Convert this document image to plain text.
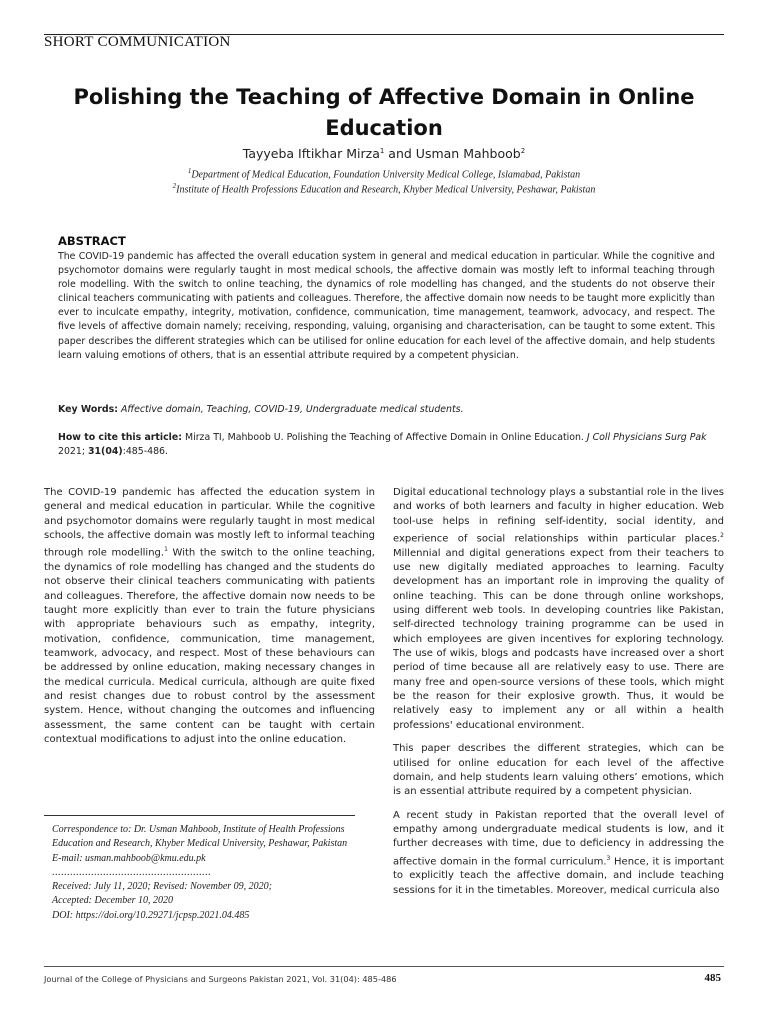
SHORT COMMUNICATION
Polishing the Teaching of Affective Domain in Online Education
Tayyeba Iftikhar Mirza$^1$ and Usman Mahboob$^2$
$^1$Department of Medical Education, Foundation University Medical College, Islamabad, Pakistan
$^2$Institute of Health Professions Education and Research, Khyber Medical University, Peshawar, Pakistan
ABSTRACT

The COVID-19 pandemic has affected the overall education system in general and medical education in particular. While the cognitive and psychomotor domains were regularly taught in most medical schools, the affective domain was mostly left to informal teaching through role modelling. With the switch to online teaching, the dynamics of role modelling has changed, and the students do not observe their clinical teachers communicating with patients and colleagues. Therefore, the affective domain now needs to be taught more explicitly than ever to inculcate empathy, integrity, motivation, confidence, communication, time management, teamwork, advocacy, and respect. The five levels of affective domain namely; receiving, responding, valuing, organising and characterisation, can be taught to some extent. This paper describes the different strategies which can be utilised for online education for each level of the affective domain, and help students learn valuing emotions of others, that is an essential attribute required by a competent physician.

Key Words: Affective domain, Teaching, COVID-19, Undergraduate medical students.
How to cite this article: Mirza TI, Mahboob U. Polishing the Teaching of Affective Domain in Online Education. J Coll Physicians Surg Pak 2021; 31(04):485-486.

The COVID-19 pandemic has affected the education system in general and medical education in particular. While the cognitive and psychomotor domains were regularly taught in most medical schools, the affective domain was mostly left to informal teaching through role modelling.$^1$ With the switch to the online teaching, the dynamics of role modelling has changed and the students do not observe their clinical teachers communicating with patients and colleagues. Therefore, the affective domain now needs to be taught more explicitly than ever to train the future physicians with appropriate behaviours such as empathy, integrity, motivation, confidence, communication, time management, teamwork, advocacy, and respect. Most of these behaviours can be addressed by online education, making necessary changes in the medical curricula. Medical curricula, although are quite fixed and resist changes due to robust control by the assessment system. Hence, without changing the outcomes and influencing assessment, the same content can be taught with certain contextual modifications to adjust into the online education.

Correspondence to: Dr. Usman Mahboob, Institute of Health Professions Education and Research, Khyber Medical University, Peshawar, Pakistan
E-mail: usman.mahboob@kmu.edu.pk
.....................................................
Received: July 11, 2020; Revised: November 09, 2020;
Accepted: December 10, 2020
DOI: https://doi.org/10.29271/jcpsp.2021.04.485

Digital educational technology plays a substantial role in the lives and works of both learners and faculty in higher education. Web tool-use helps in refining self-identity, social identity, and experience of social relationships within particular places.$^2$ Millennial and digital generations expect from their teachers to use new digitally mediated approaches to learning. Faculty development has an important role in improving the quality of online teaching. This can be done through online workshops, using different web tools. In developing countries like Pakistan, self-directed technology training programme can be used in which employees are given incentives for exploring technology. The use of wikis, blogs and podcasts have increased over a short period of time because all are relatively easy to use. There are many free and open-source versions of these tools, which might be the reason for their explosive growth. Thus, it would be relatively easy to implement any or all within a health professions' educational environment.

This paper describes the different strategies, which can be utilised for online education for each level of the affective domain, and help students learn valuing others’ emotions, which is an essential attribute required by a competent physician.

A recent study in Pakistan reported that the overall level of empathy among undergraduate medical students is low, and it further decreases with time, due to deficiency in addressing the affective domain in the formal curriculum.$^3$ Hence, it is important to explicitly teach the affective domain, and include teaching sessions for it in the timetables. Moreover, medical curricula also

Journal of the College of Physicians and Surgeons Pakistan 2021, Vol. 31(04): 485-486	485
